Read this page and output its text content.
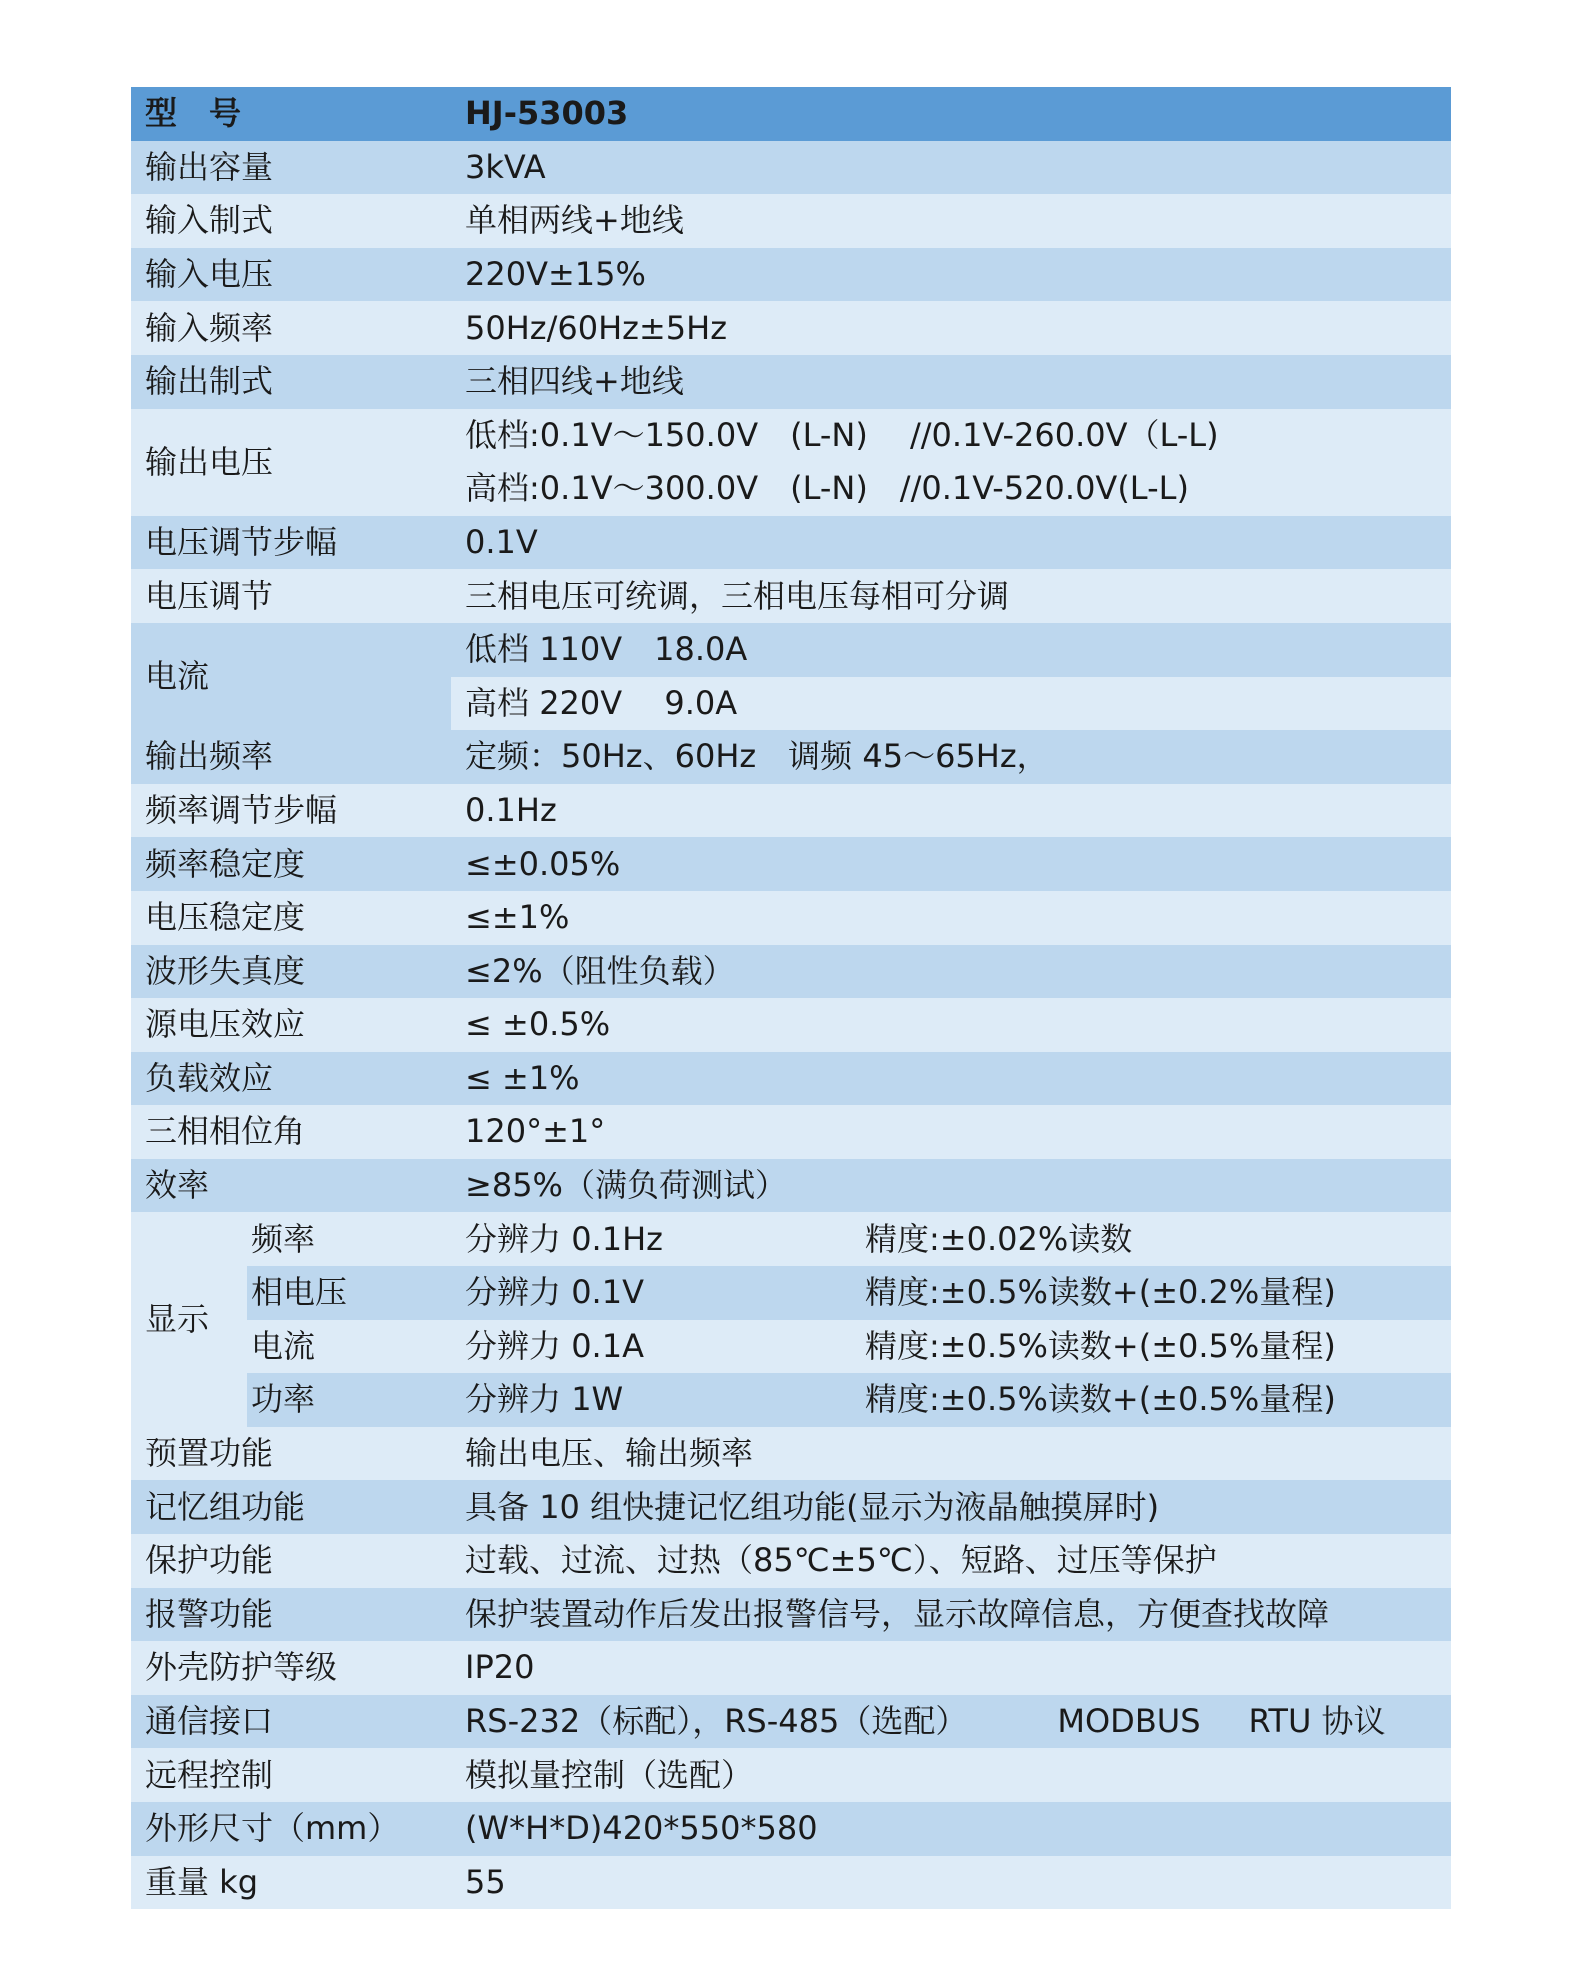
型　号		HJ-53003	
输出容量		3kVA	
输入制式		单相两线+地线	
输入电压		220V±15%	
输入频率		50Hz/60Hz±5Hz	
输出制式		三相四线+地线	
输出电压		低档:0.1V～150.0V　(L-N)　 //0.1V-260.0V（L-L)
高档:0.1V～300.0V　(L-N)　//0.1V-520.0V(L-L)	

电压调节步幅		0.1V	
电压调节		三相电压可统调，三相电压每相可分调	
电流		低档 110V　18.0A	
		高档 220V　 9.0A	
输出频率		定频：50Hz、60Hz　调频 45～65Hz，	
频率调节步幅		0.1Hz	
频率稳定度		≤±0.05%	
电压稳定度		≤±1%	
波形失真度		≤2%（阻性负载）	
源电压效应		≤ ±0.5%	
负载效应		≤ ±1%	
三相相位角		120°±1°	
效率		≥85%（满负荷测试）	
显示	频率	分辨力 0.1Hz	精度:±0.02%读数
	相电压	分辨力 0.1V	精度:±0.5%读数+(±0.2%量程)
	电流	分辨力 0.1A	精度:±0.5%读数+(±0.5%量程)
	功率	分辨力 1W	精度:±0.5%读数+(±0.5%量程)
预置功能		输出电压、输出频率	
记忆组功能		具备 10 组快捷记忆组功能(显示为液晶触摸屏时)	
保护功能		过载、过流、过热（85℃±5℃）、短路、过压等保护	
报警功能		保护装置动作后发出报警信号，显示故障信息，方便查找故障	
外壳防护等级		IP20	
通信接口		RS-232（标配），RS-485（选配） MODBUS RTU 协议	
远程控制		模拟量控制（选配）	
外形尺寸（mm）		(W*H*D)420*550*580	
重量 kg		55	
